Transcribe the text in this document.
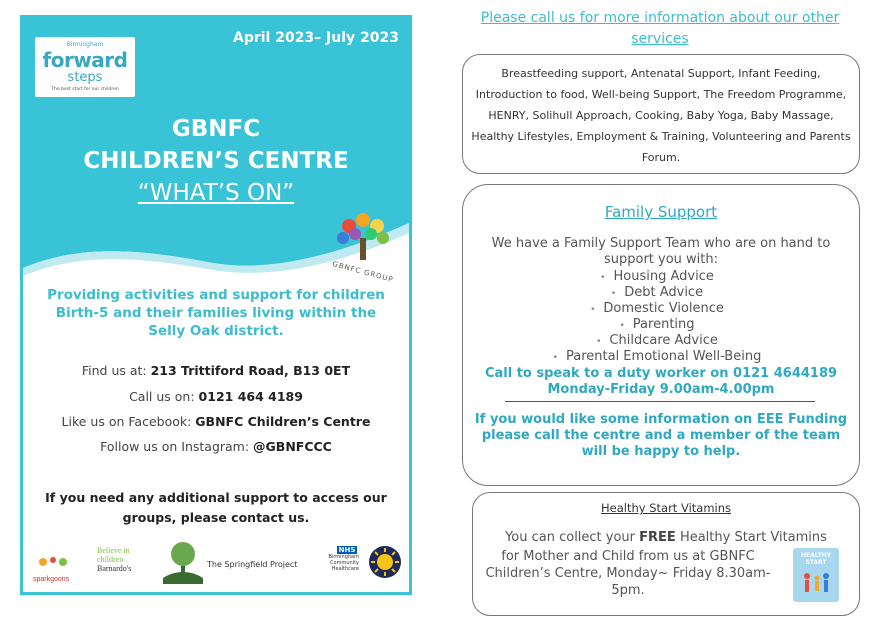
Birmingham
forward
steps
The best start for our children
April 2023– July 2023
GBNFC
CHILDREN’S CENTRE
“WHAT’S ON”
GBNFC GROUP
Providing activities and support for children Birth-5 and their families living within the Selly Oak district.
Find us at: 213 Trittiford Road, B13 0ET
Call us on: 0121 464 4189
Like us on Facebook: GBNFC Children’s Centre
Follow us on Instagram: @GBNFCCC
If you need any additional support to access our groups, please contact us.
sparkgoons
Believe in
children
Barnardo's	The Springfield Project
NHS
Birmingham
Community Healthcare
Please call us for more information about our other services
Breastfeeding support, Antenatal Support, Infant Feeding, Introduction to food, Well-being Support, The Freedom Programme, HENRY, Solihull Approach, Cooking, Baby Yoga, Baby Massage, Healthy Lifestyles, Employment & Training, Volunteering and Parents Forum.
Family Support
We have a Family Support Team who are on hand to support you with:
• Housing Advice
• Debt Advice
• Domestic Violence
• Parenting
• Childcare Advice
• Parental Emotional Well-Being
Call to speak to a duty worker on 0121 4644189 Monday-Friday 9.00am-4.00pm
If you would like some information on EEE Funding please call the centre and a member of the team will be happy to help.
Healthy Start Vitamins
You can collect your FREE Healthy Start Vitamins
for Mother and Child from us at GBNFC Children’s Centre, Monday~ Friday 8.30am-5pm.
HEALTHY START
